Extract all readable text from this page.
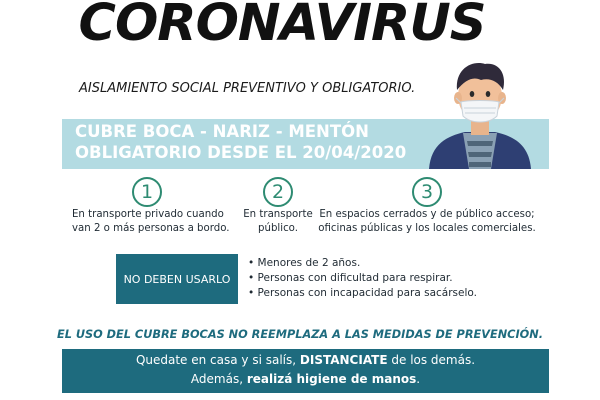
CORONAVIRUS
AISLAMIENTO SOCIAL PREVENTIVO Y OBLIGATORIO.
CUBRE BOCA - NARIZ - MENTÓN
OBLIGATORIO DESDE EL 20/04/2020
1
En transporte privado cuando
van 2 o más personas a bordo.
2
En transporte
público.
3
En espacios cerrados y de público acceso;
oficinas públicas y los locales comerciales.
NO DEBEN USARLO
• Menores de 2 años.
• Personas con dificultad para respirar.
• Personas con incapacidad para sacárselo.
EL USO DEL CUBRE BOCAS NO REEMPLAZA A LAS MEDIDAS DE PREVENCIÓN.
Quedate en casa y si salís, DISTANCIATE de los demás.
Además, realizá higiene de manos.
